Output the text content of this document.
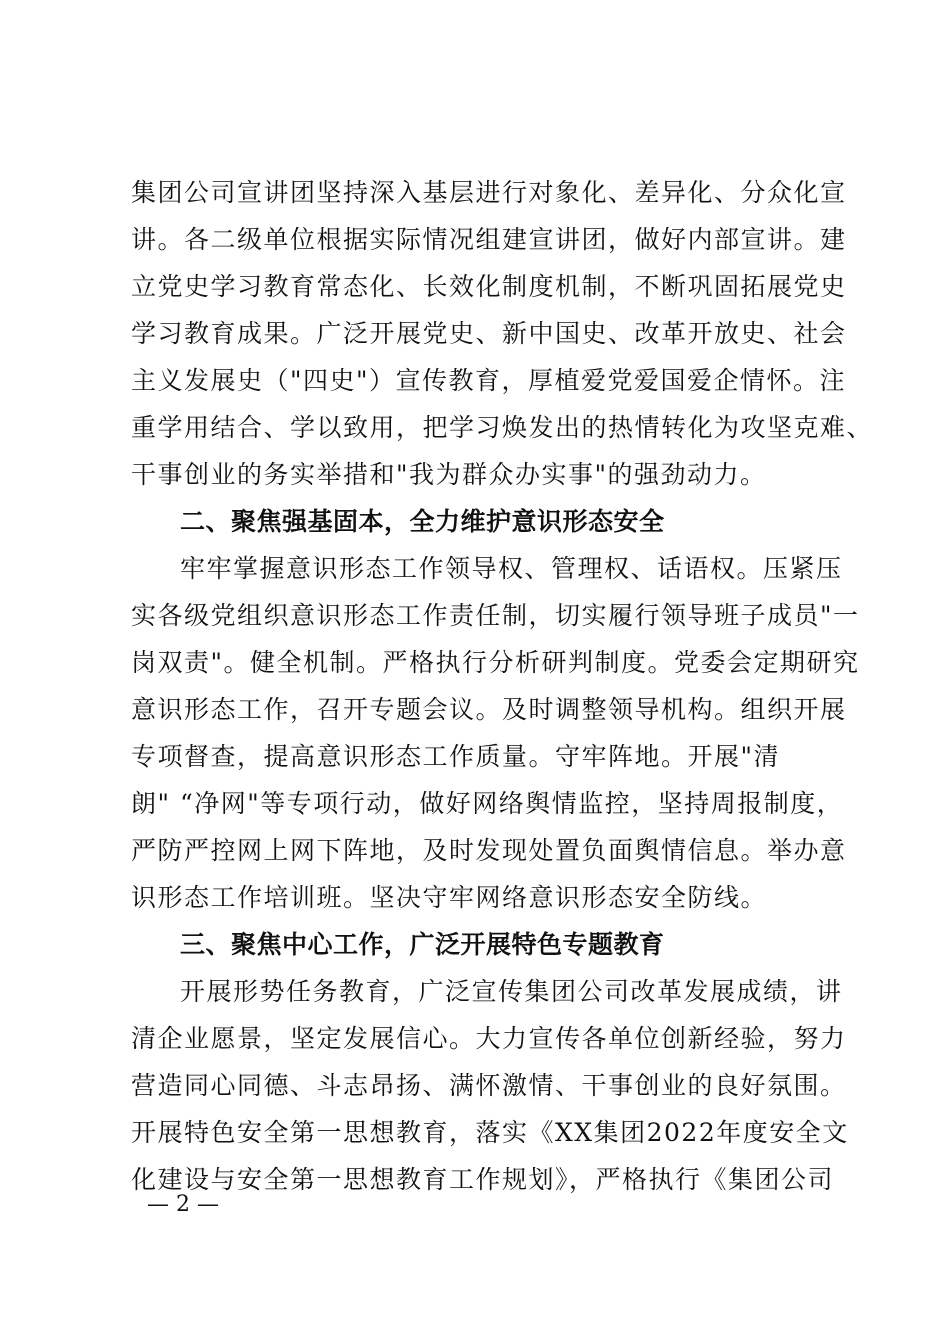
集团公司宣讲团坚持深入基层进行对象化、差异化、分众化宣
讲。各二级单位根据实际情况组建宣讲团，做好内部宣讲。建
立党史学习教育常态化、长效化制度机制，不断巩固拓展党史
学习教育成果。广泛开展党史、新中国史、改革开放史、社会
主义发展史（"四史"）宣传教育，厚植爱党爱国爱企情怀。注
重学用结合、学以致用，把学习焕发出的热情转化为攻坚克难、
干事创业的务实举措和"我为群众办实事"的强劲动力。
二、聚焦强基固本，全力维护意识形态安全
牢牢掌握意识形态工作领导权、管理权、话语权。压紧压
实各级党组织意识形态工作责任制，切实履行领导班子成员"一
岗双责"。健全机制。严格执行分析研判制度。党委会定期研究
意识形态工作，召开专题会议。及时调整领导机构。组织开展
专项督查，提高意识形态工作质量。守牢阵地。开展"清
朗" “净网"等专项行动，做好网络舆情监控，坚持周报制度，
严防严控网上网下阵地，及时发现处置负面舆情信息。举办意
识形态工作培训班。坚决守牢网络意识形态安全防线。
三、聚焦中心工作，广泛开展特色专题教育
开展形势任务教育，广泛宣传集团公司改革发展成绩，讲
清企业愿景，坚定发展信心。大力宣传各单位创新经验，努力
营造同心同德、斗志昂扬、满怀激情、干事创业的良好氛围。
开展特色安全第一思想教育，落实《XX集团2022年度安全文
化建设与安全第一思想教育工作规划》，严格执行《集团公司
— 2 —
